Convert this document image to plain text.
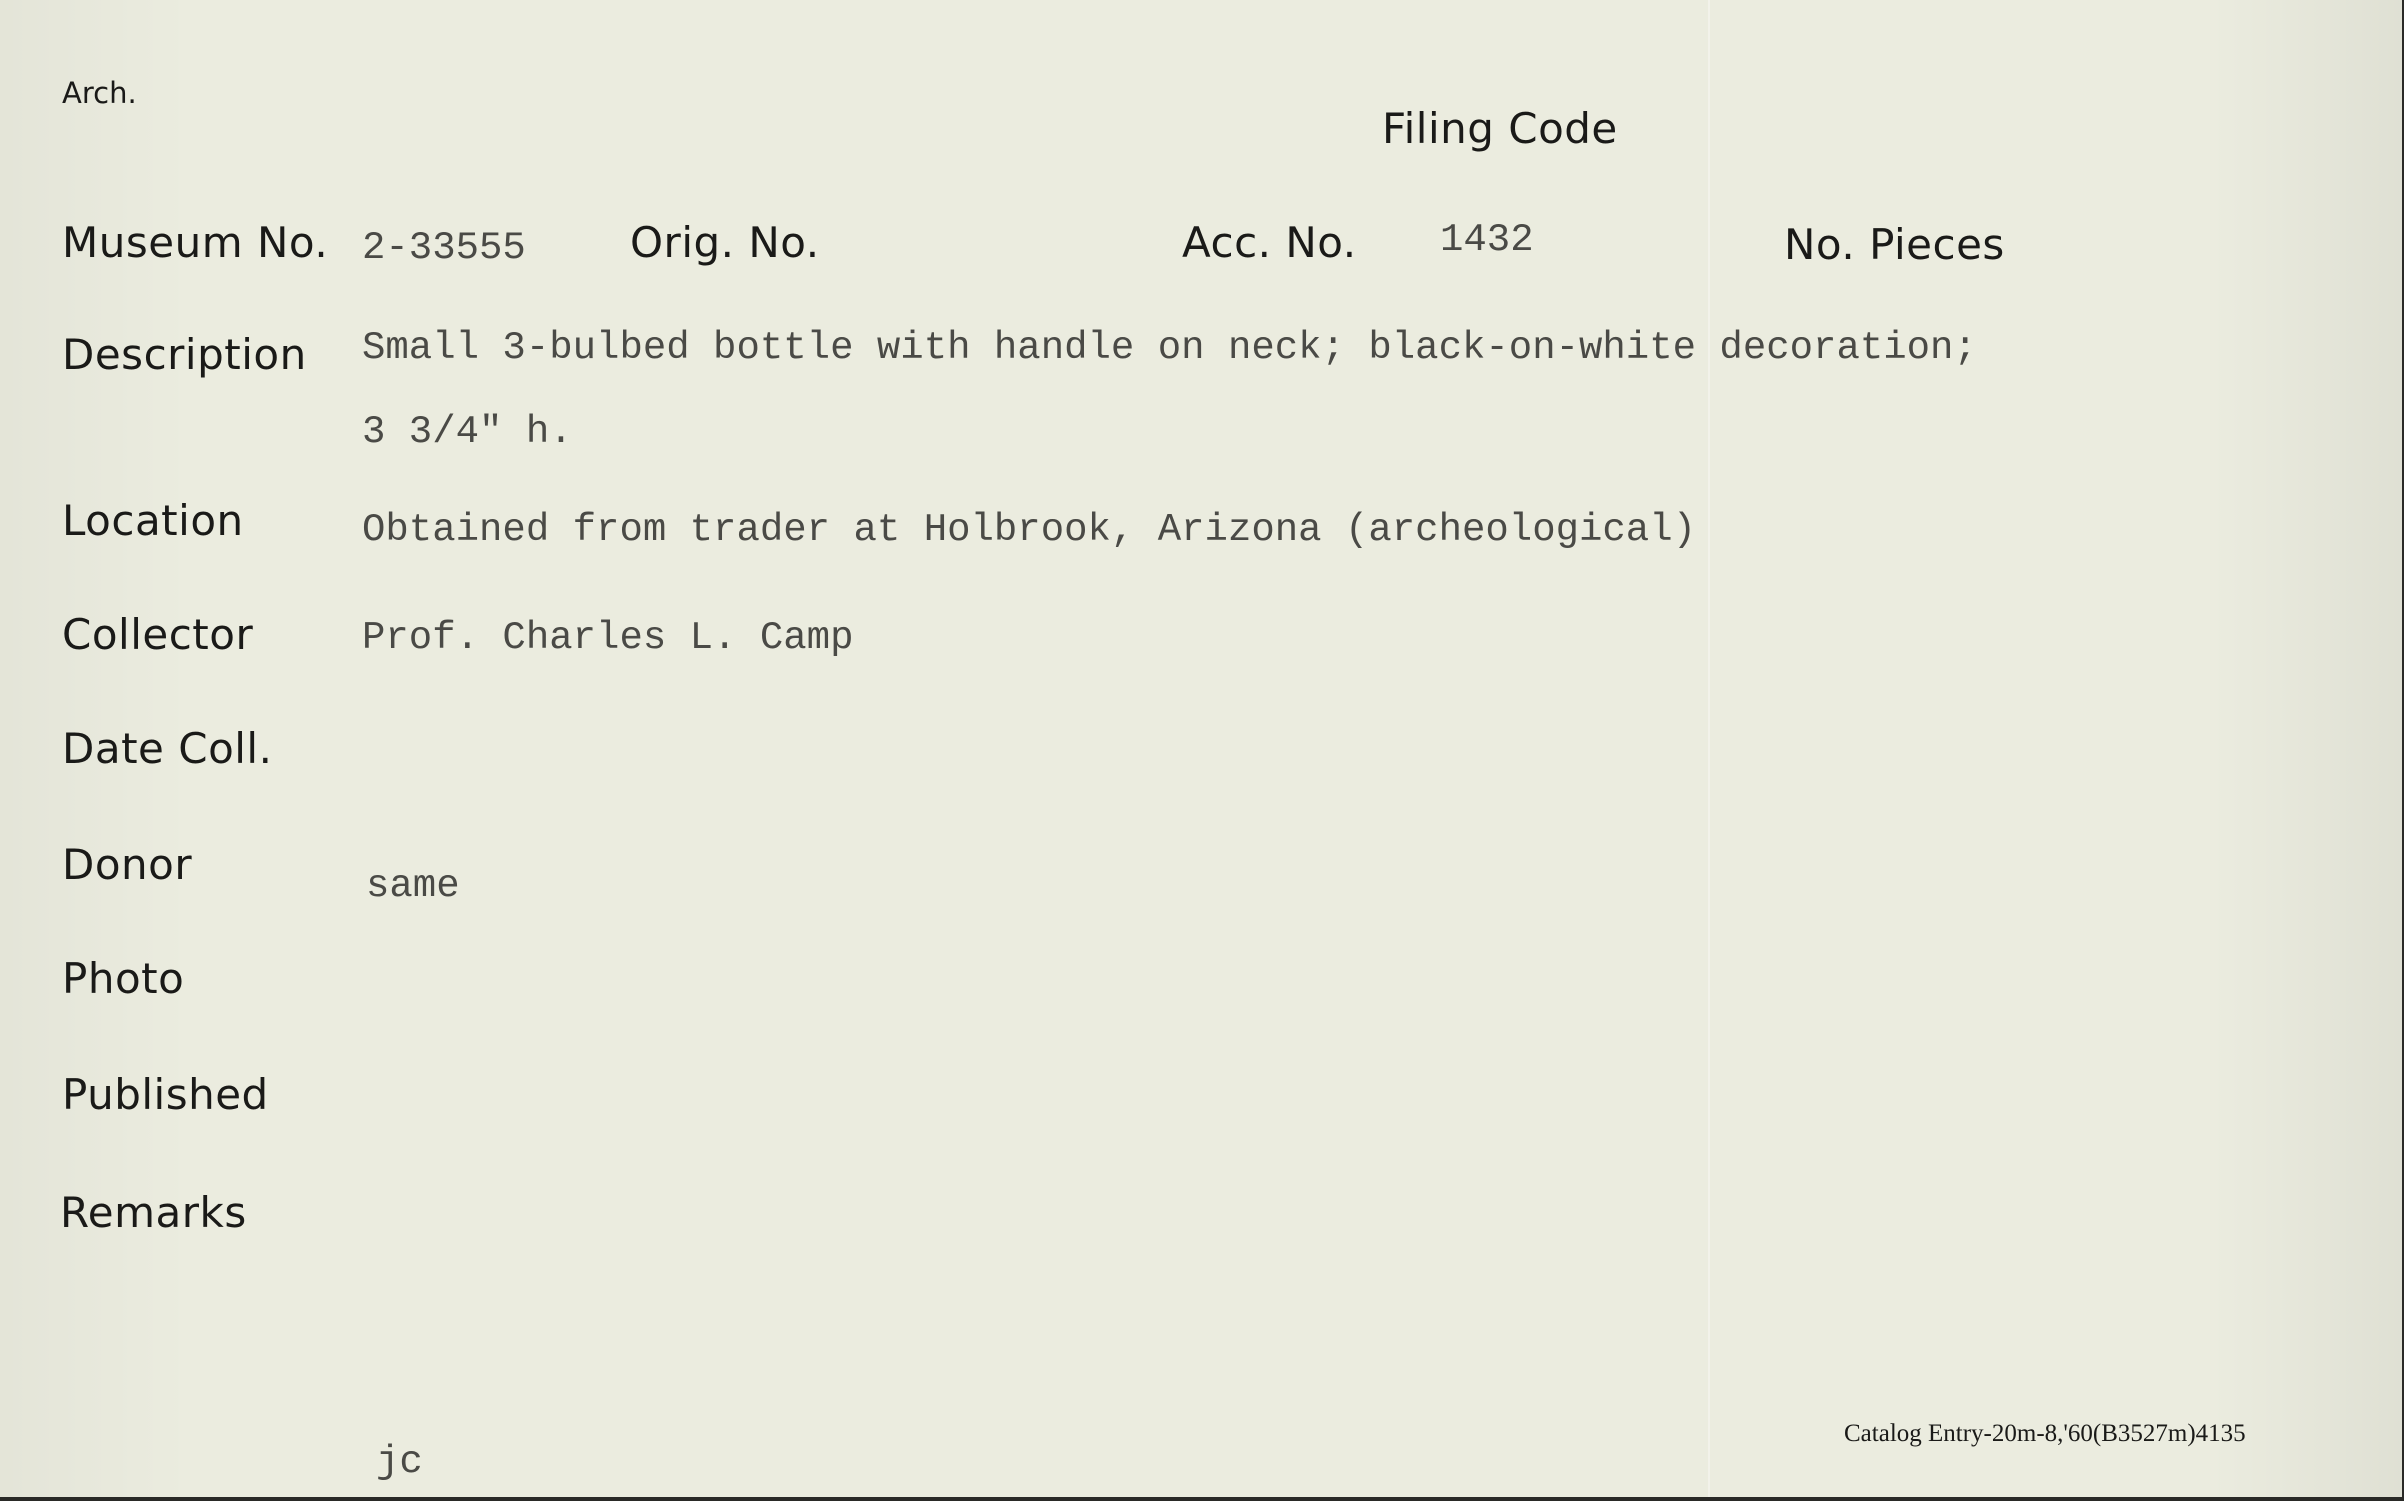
Arch.
Filing Code
Museum No. 2-33555 Orig. No.	Acc. No. 1432	No. Pieces
Description Small 3-bulbed bottle with handle on neck; black-on-white decoration;
3 3/4" h.
Location	Obtained from trader at Holbrook, Arizona (archeological)
Collector	Prof. Charles L. Camp
Date Coll.
Donor	same
Photo
Published
Remarks
jc
Catalog Entry-20m-8,'60(B3527m)4135
